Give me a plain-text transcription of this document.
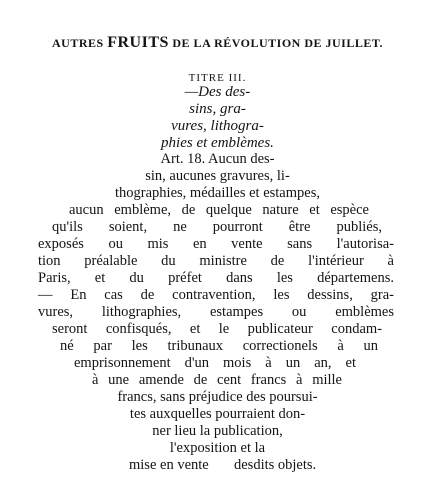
AUTRES FRUITS DE LA RÉVOLUTION DE JUILLET.
TITRE III.
—Des des-
sins, gra-
vures, lithogra-
phies et emblèmes.
Art. 18. Aucun des-
sin, aucunes gravures, li-
thographies, médailles et estampes,
aucun emblème, de quelque nature et espèce
qu'ils soient, ne pourront être publiés,
exposés ou mis en vente sans l'autorisa-
tion préalable du ministre de l'intérieur à
Paris, et du préfet dans les départemens.
— En cas de contravention, les dessins, gra-
vures, lithographies, estampes ou emblèmes
seront confisqués, et le publicateur condam-
né par les tribunaux correctionels à un
emprisonnement d'un mois à un an, et
à une amende de cent francs à mille
francs, sans préjudice des poursui-
tes auxquelles pourraient don-
ner lieu la publication,
l'exposition et la
mise en vente desdits objets.
